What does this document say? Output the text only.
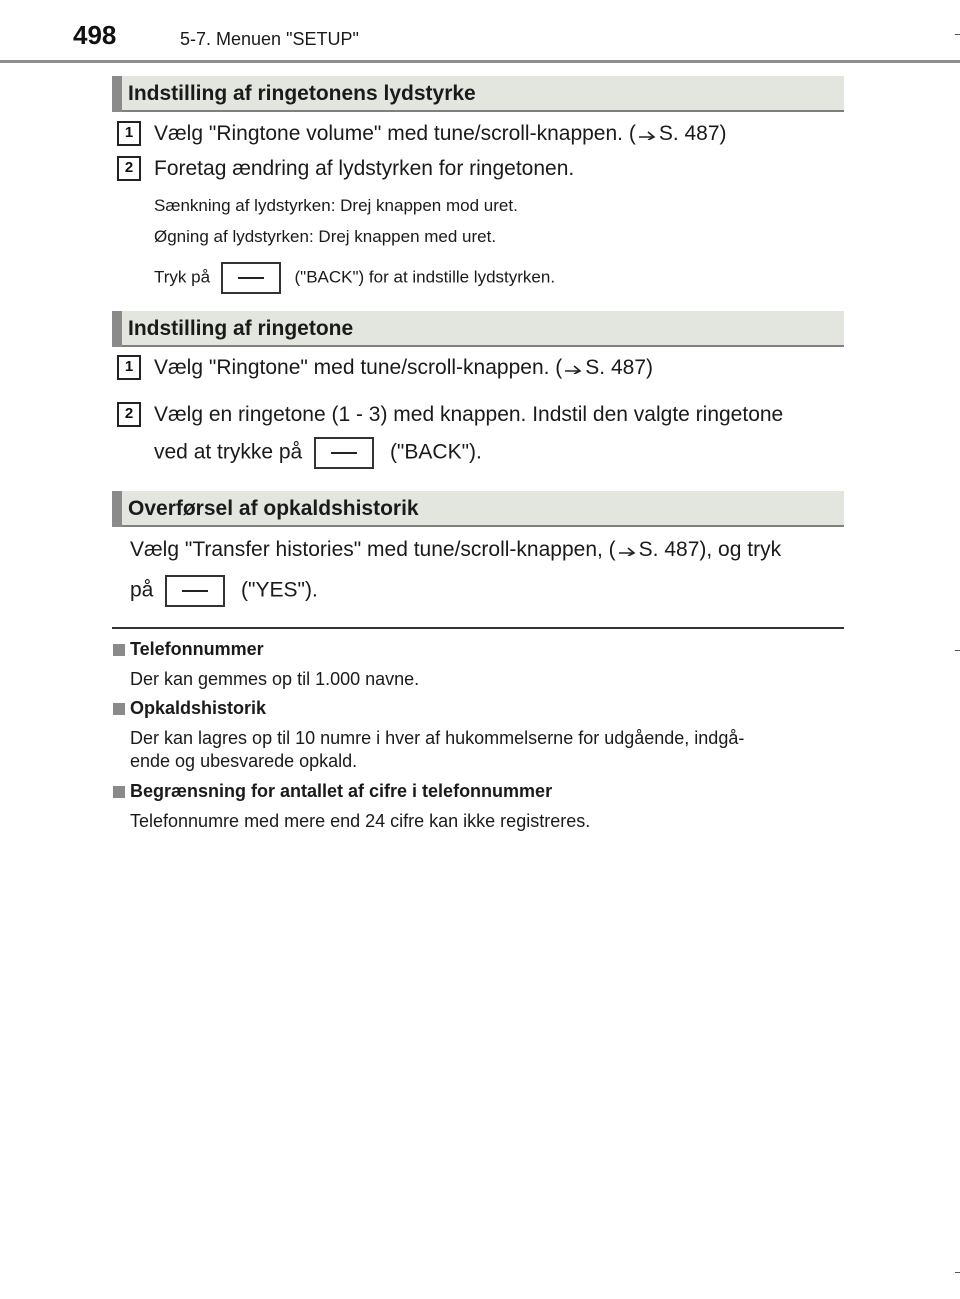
498	5-7. Menuen "SETUP"
Indstilling af ringetonens lydstyrke
1 Vælg "Ringtone volume" med tune/scroll-knappen. ( S. 487)
2 Foretag ændring af lydstyrken for ringetonen.
Sænkning af lydstyrken: Drej knappen mod uret.
Øgning af lydstyrken: Drej knappen med uret.
Tryk på	("BACK") for at indstille lydstyrken.
Indstilling af ringetone
1 Vælg "Ringtone" med tune/scroll-knappen. ( S. 487)
2 Vælg en ringetone (1 - 3) med knappen. Indstil den valgte ringetone
ved at trykke på	("BACK").
Overførsel af opkaldshistorik
Vælg "Transfer histories" med tune/scroll-knappen, ( S. 487), og tryk
på	("YES").
Telefonnummer
Der kan gemmes op til 1.000 navne.
Opkaldshistorik
Der kan lagres op til 10 numre i hver af hukommelserne for udgående, indgå-
ende og ubesvarede opkald.
Begrænsning for antallet af cifre i telefonnummer
Telefonnumre med mere end 24 cifre kan ikke registreres.
